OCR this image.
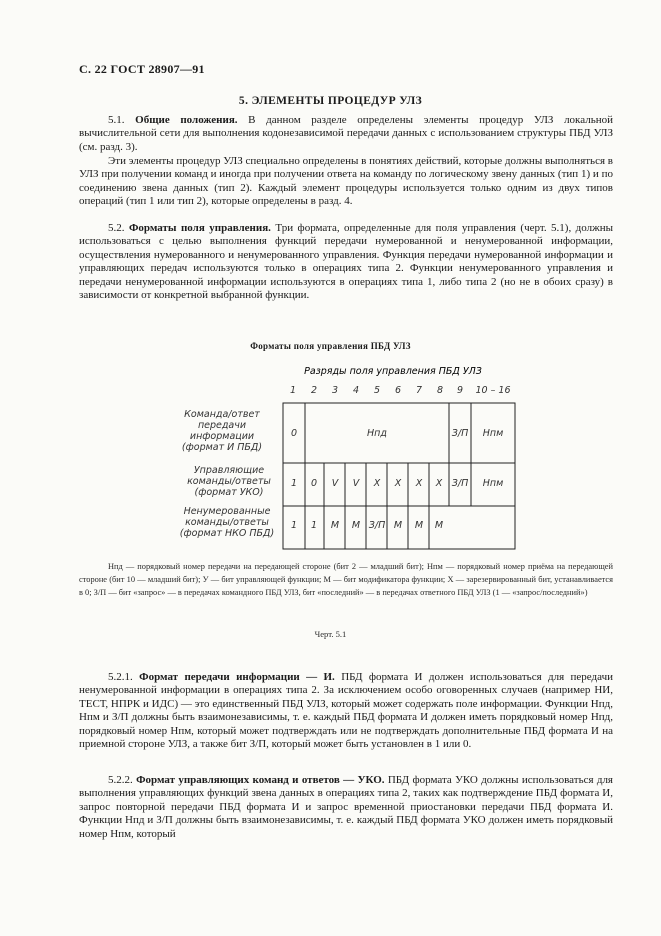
С. 22 ГОСТ 28907—91
5. ЭЛЕМЕНТЫ ПРОЦЕДУР УЛЗ

5.1. Общие положения. В данном разделе определены элементы процедур УЛЗ локальной вычислительной сети для выполнения кодонезависимой передачи данных с использованием структуры ПБД УЛЗ (см. разд. 3).

Эти элементы процедур УЛЗ специально определены в понятиях действий, которые должны выполняться в УЛЗ при получении команд и иногда при получении ответа на команду по логическому звену данных (тип 1) и по соединению звена данных (тип 2). Каждый элемент процедуры используется только одним из двух типов операций (тип 1 или тип 2), которые определены в разд. 4.

5.2. Форматы поля управления. Три формата, определенные для поля управления (черт. 5.1), должны использоваться с целью выполнения функций передачи нумерованной и ненумерованной информации, осуществления нумерованного и ненумерованного управления. Функция передачи нумерованной информации и управляющих передач используются только в операциях типа 2. Функции ненумерованного управления и передачи ненумерованной информации используются в операциях типа 1, либо типа 2 (но не в обоих сразу) в зависимости от конкретной выбранной функции.

Форматы поля управления ПБД УЛЗ
Разряды поля управления ПБД УЛЗ
1 2 3 4 5 6 7 8 9 10 – 16
Команда/ответ
передачи
информации
(формат И ПБД)
Управляющие
команды/ответы
(формат УКО)
Ненумерованные
команды/ответы
(формат НКО ПБД)
0	Нпд	З/П Нпм
1 0 V V X X X X З/П Нпм
1 1 М М З/П М М М

Нпд — порядковый номер передачи на передающей стороне (бит 2 — младший бит); Нпм — порядковый номер приёма на передающей стороне (бит 10 — младший бит); У — бит управляющей функции; М — бит модификатора функции; Х — зарезервированный бит, устанавливается в 0; З/П — бит «запрос» — в передачах командного ПБД УЛЗ, бит «последний» — в передачах ответного ПБД УЛЗ (1 — «запрос/последний»)

Черт. 5.1

5.2.1. Формат передачи информации — И. ПБД формата И должен использоваться для передачи ненумерованной информации в операциях типа 2. За исключением особо оговоренных случаев (например НИ, ТЕСТ, НПРК и ИДС) — это единственный ПБД УЛЗ, который может содержать поле информации. Функции Нпд, Нпм и З/П должны быть взаимонезависимы, т. е. каждый ПБД формата И должен иметь порядковый номер Нпд, порядковый номер Нпм, который может подтверждать или не подтверждать дополнительные ПБД формата И на приемной стороне УЛЗ, а также бит З/П, который может быть установлен в 1 или 0.

5.2.2. Формат управляющих команд и ответов — УКО. ПБД формата УКО должны использоваться для выполнения управляющих функций звена данных в операциях типа 2, таких как подтверждение ПБД формата И, запрос повторной передачи ПБД формата И и запрос временной приостановки передачи ПБД формата И. Функции Нпд и З/П должны быть взаимонезависимы, т. е. каждый ПБД формата УКО должен иметь порядковый номер Нпм, который
